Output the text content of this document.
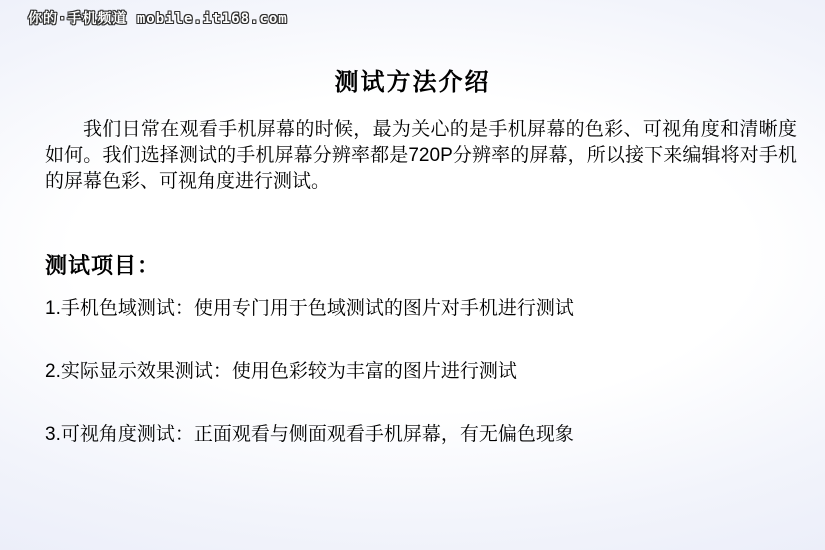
你的·手机频道 mobile.it168.com
测试方法介绍
我们日常在观看手机屏幕的时候，最为关心的是手机屏幕的色彩、可视角度和清晰度如何。我们选择测试的手机屏幕分辨率都是720P分辨率的屏幕，所以接下来编辑将对手机的屏幕色彩、可视角度进行测试。
测试项目：
1.手机色域测试：使用专门用于色域测试的图片对手机进行测试
2.实际显示效果测试：使用色彩较为丰富的图片进行测试
3.可视角度测试：正面观看与侧面观看手机屏幕，有无偏色现象
